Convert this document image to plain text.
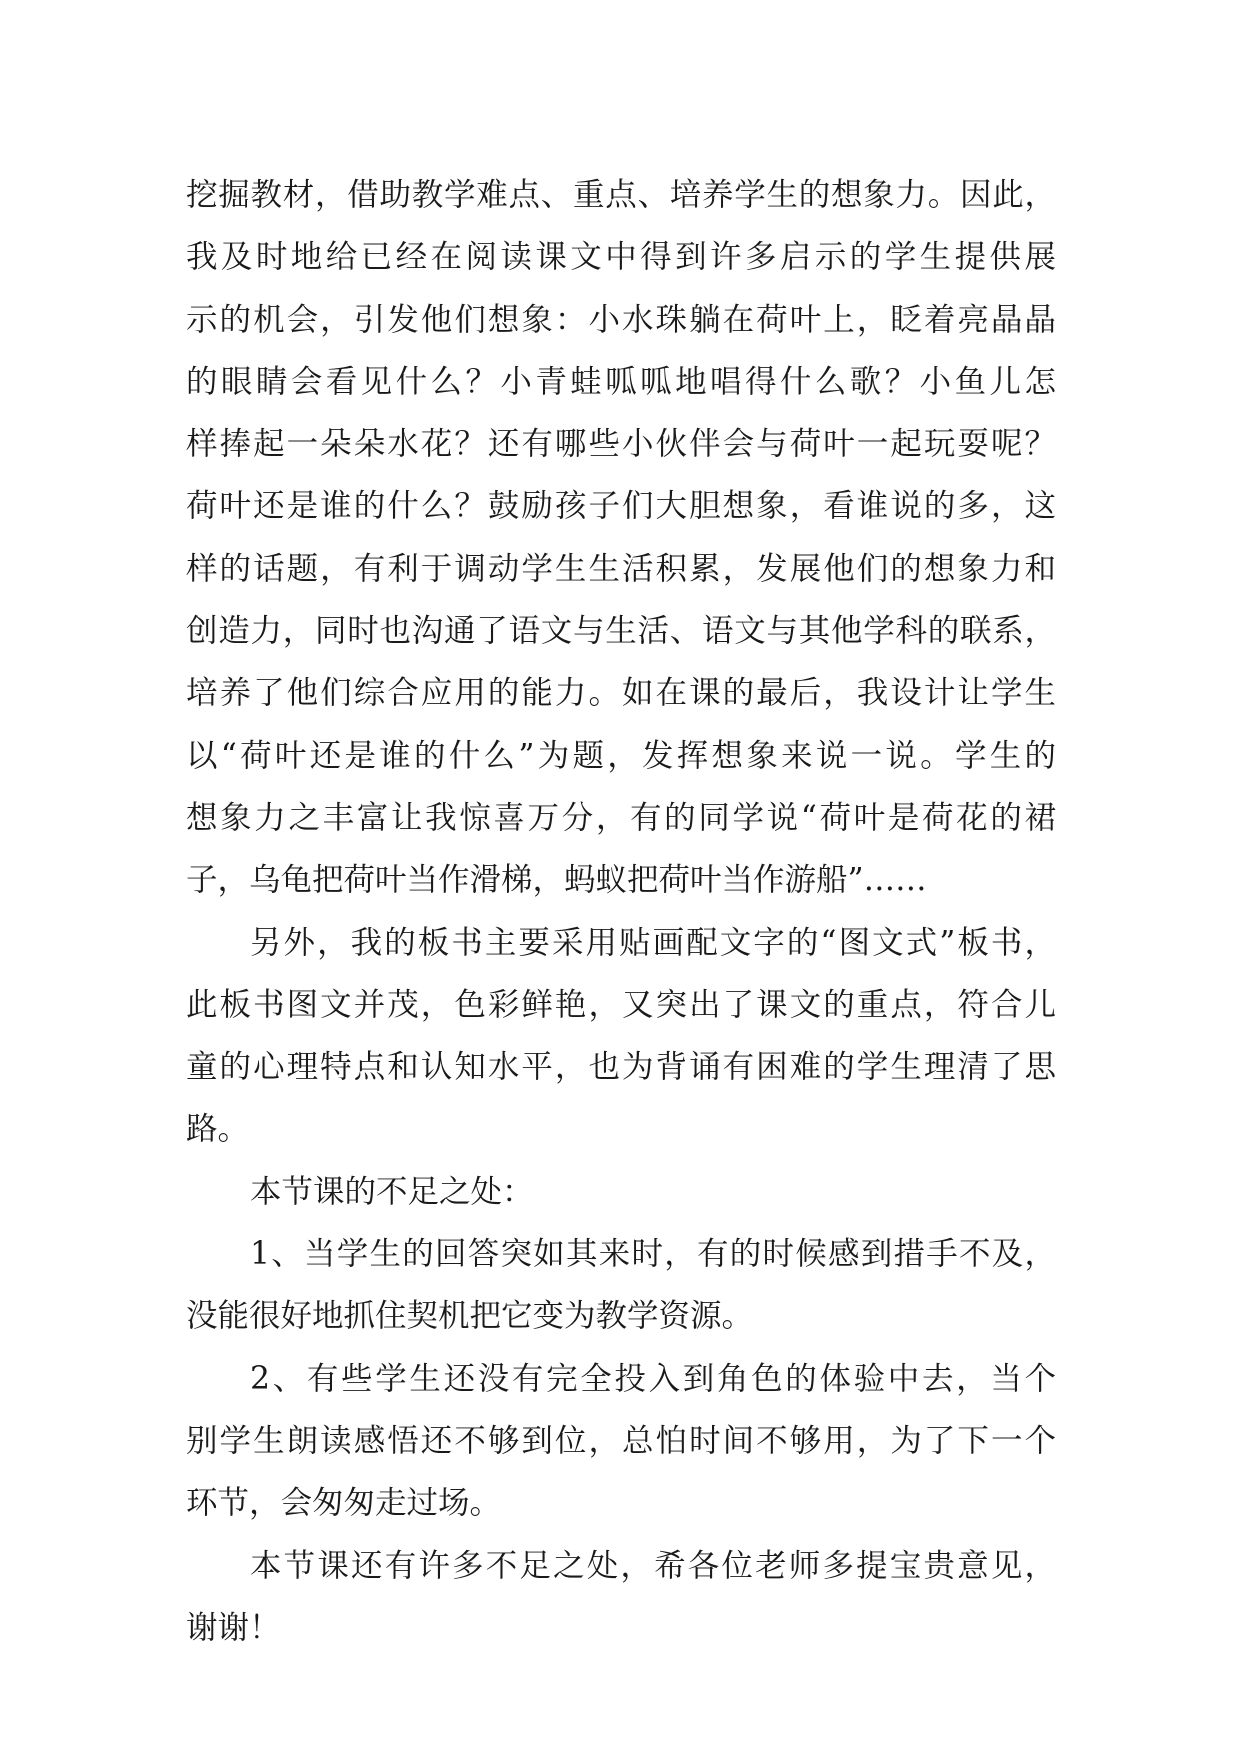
挖掘教材，借助教学难点、重点、培养学生的想象力。因此，
我及时地给已经在阅读课文中得到许多启示的学生提供展
示的机会，引发他们想象：小水珠躺在荷叶上，眨着亮晶晶
的眼睛会看见什么？小青蛙呱呱地唱得什么歌？小鱼儿怎
样捧起一朵朵水花？还有哪些小伙伴会与荷叶一起玩耍呢？
荷叶还是谁的什么？鼓励孩子们大胆想象，看谁说的多，这
样的话题，有利于调动学生生活积累，发展他们的想象力和
创造力，同时也沟通了语文与生活、语文与其他学科的联系，
培养了他们综合应用的能力。如在课的最后，我设计让学生
以“荷叶还是谁的什么”为题，发挥想象来说一说。学生的
想象力之丰富让我惊喜万分，有的同学说“荷叶是荷花的裙
子，乌龟把荷叶当作滑梯，蚂蚁把荷叶当作游船”……
另外，我的板书主要采用贴画配文字的“图文式”板书，
此板书图文并茂，色彩鲜艳，又突出了课文的重点，符合儿
童的心理特点和认知水平，也为背诵有困难的学生理清了思
路。
本节课的不足之处：
1、当学生的回答突如其来时，有的时候感到措手不及，
没能很好地抓住契机把它变为教学资源。
2、有些学生还没有完全投入到角色的体验中去，当个
别学生朗读感悟还不够到位，总怕时间不够用，为了下一个
环节，会匆匆走过场。
本节课还有许多不足之处，希各位老师多提宝贵意见，
谢谢！
